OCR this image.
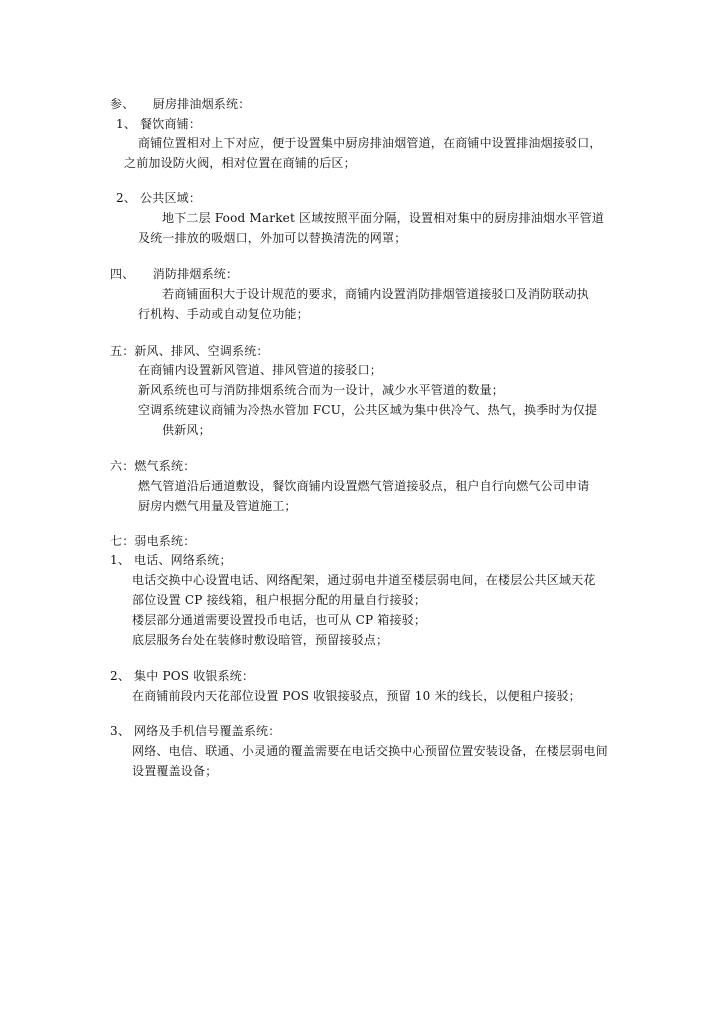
参、　　厨房排油烟系统：
1、 餐饮商铺：
商铺位置相对上下对应，便于设置集中厨房排油烟管道，在商铺中设置排油烟接驳口，
之前加设防火阀，相对位置在商铺的后区；
2、 公共区域：
地下二层 Food Market 区域按照平面分隔，设置相对集中的厨房排油烟水平管道
及统一排放的吸烟口，外加可以替换清洗的网罩；
四、　　消防排烟系统：
若商铺面积大于设计规范的要求，商铺内设置消防排烟管道接驳口及消防联动执
行机构、手动或自动复位功能；
五：新风、排风、空调系统：
在商铺内设置新风管道、排风管道的接驳口；
新风系统也可与消防排烟系统合而为一设计，减少水平管道的数量；
空调系统建议商铺为冷热水管加 FCU，公共区域为集中供冷气、热气，换季时为仅提
供新风；
六：燃气系统：
燃气管道沿后通道敷设，餐饮商铺内设置燃气管道接驳点，租户自行向燃气公司申请
厨房内燃气用量及管道施工；
七：弱电系统：
1、 电话、网络系统；
电话交换中心设置电话、网络配架，通过弱电井道至楼层弱电间，在楼层公共区域天花
部位设置 CP 接线箱，租户根据分配的用量自行接驳；
楼层部分通道需要设置投币电话，也可从 CP 箱接驳；
底层服务台处在装修时敷设暗管，预留接驳点；
2、 集中 POS 收银系统：
在商铺前段内天花部位设置 POS 收银接驳点，预留 10 米的线长，以便租户接驳；
3、 网络及手机信号覆盖系统：
网络、电信、联通、小灵通的覆盖需要在电话交换中心预留位置安装设备，在楼层弱电间
设置覆盖设备；
